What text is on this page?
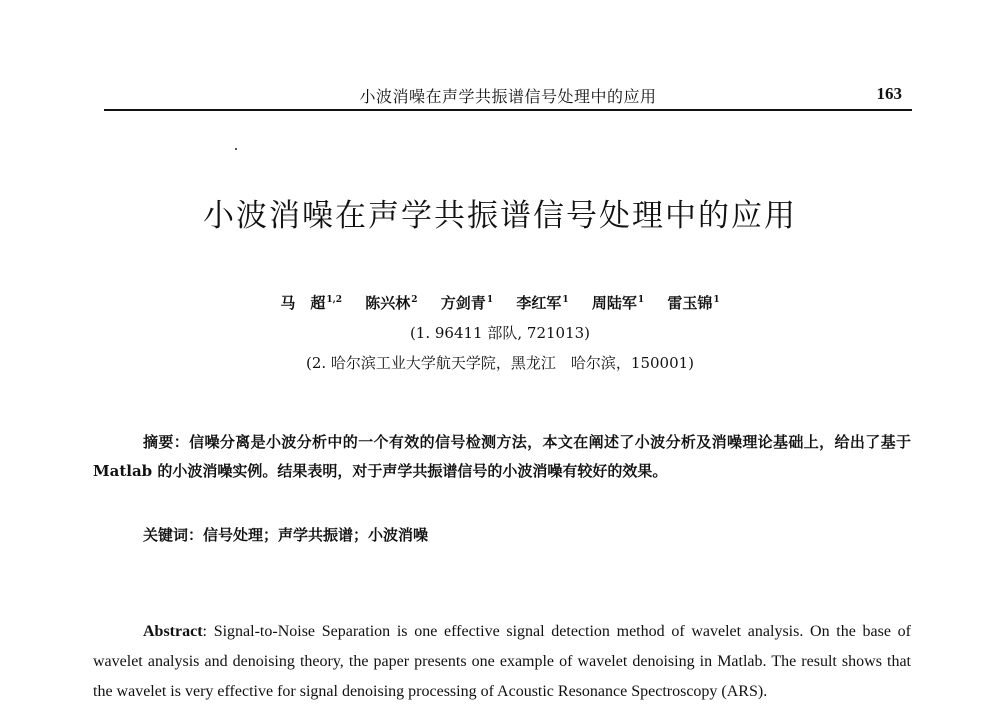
小波消噪在声学共振谱信号处理中的应用	163
小波消噪在声学共振谱信号处理中的应用
马　超$^{1,2}$ 陈兴林$^2$ 方剑青$^1$ 李红军$^1$ 周陆军$^1$ 雷玉锦$^1$
(1. 96411 部队, 721013)
(2. 哈尔滨工业大学航天学院，黑龙江　哈尔滨，150001)
摘要：信噪分离是小波分析中的一个有效的信号检测方法，本文在阐述了小波分析及消噪理论基础上，给出了基于 Matlab 的小波消噪实例。结果表明，对于声学共振谱信号的小波消噪有较好的效果。
关键词：信号处理；声学共振谱；小波消噪
Abstract: Signal-to-Noise Separation is one effective signal detection method of wavelet analysis. On the base of wavelet analysis and denoising theory, the paper presents one example of wavelet denoising in Matlab. The result shows that the wavelet is very effective for signal denoising processing of Acoustic Resonance Spectroscopy (ARS).
